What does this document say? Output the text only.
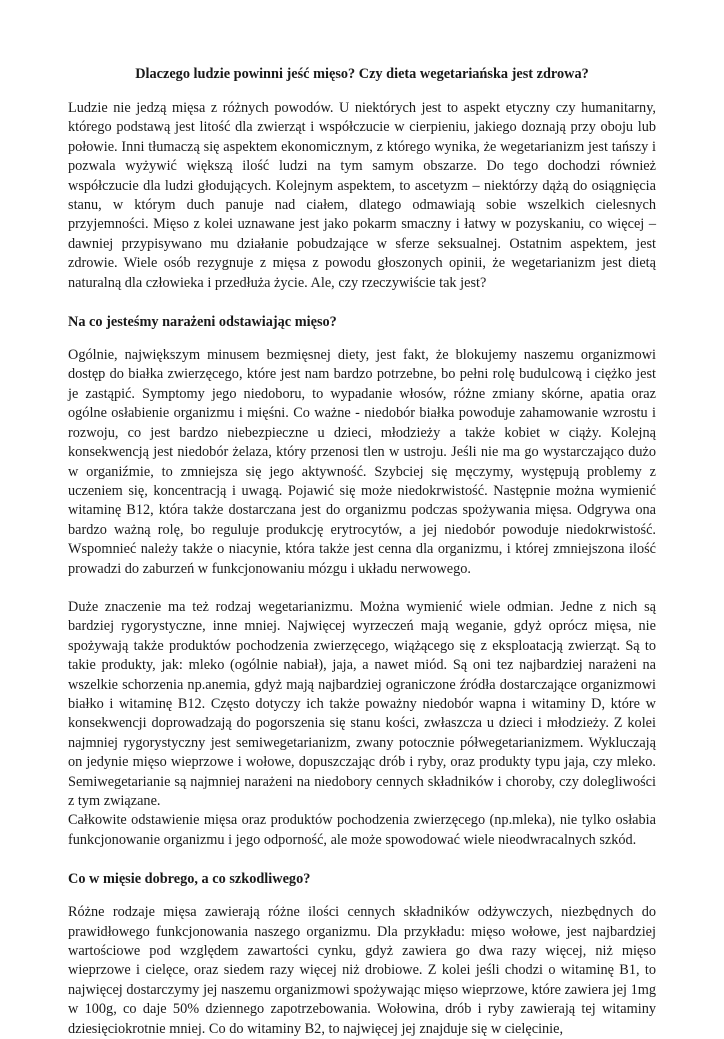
Dlaczego ludzie powinni jeść mięso? Czy dieta wegetariańska jest zdrowa?

Ludzie nie jedzą mięsa z różnych powodów. U niektórych jest to aspekt etyczny czy humanitarny, którego podstawą jest litość dla zwierząt i współczucie w cierpieniu, jakiego doznają przy oboju lub połowie. Inni tłumaczą się aspektem ekonomicznym, z którego wynika, że wegetarianizm jest tańszy i pozwala wyżywić większą ilość ludzi na tym samym obszarze. Do tego dochodzi również współczucie dla ludzi głodujących. Kolejnym aspektem, to ascetyzm – niektórzy dążą do osiągnięcia stanu, w którym duch panuje nad ciałem, dlatego odmawiają sobie wszelkich cielesnych przyjemności. Mięso z kolei uznawane jest jako pokarm smaczny i łatwy w pozyskaniu, co więcej – dawniej przypisywano mu działanie pobudzające w sferze seksualnej. Ostatnim aspektem, jest zdrowie. Wiele osób rezygnuje z mięsa z powodu głoszonych opinii, że wegetarianizm jest dietą naturalną dla człowieka i przedłuża życie. Ale, czy rzeczywiście tak jest?

Na co jesteśmy narażeni odstawiając mięso?

Ogólnie, największym minusem bezmięsnej diety, jest fakt, że blokujemy naszemu organizmowi dostęp do białka zwierzęcego, które jest nam bardzo potrzebne, bo pełni rolę budulcową i ciężko jest je zastąpić. Symptomy jego niedoboru, to wypadanie włosów, różne zmiany skórne, apatia oraz ogólne osłabienie organizmu i mięśni. Co ważne - niedobór białka powoduje zahamowanie wzrostu i rozwoju, co jest bardzo niebezpieczne u dzieci, młodzieży a także kobiet w ciąży. Kolejną konsekwencją jest niedobór żelaza, który przenosi tlen w ustroju. Jeśli nie ma go wystarczająco dużo w organiźmie, to zmniejsza się jego aktywność. Szybciej się męczymy, występują problemy z uczeniem się, koncentracją i uwagą. Pojawić się może niedokrwistość. Następnie można wymienić witaminę B12, która także dostarczana jest do organizmu podczas spożywania mięsa. Odgrywa ona bardzo ważną rolę, bo reguluje produkcję erytrocytów, a jej niedobór powoduje niedokrwistość. Wspomnieć należy także o niacynie, która także jest cenna dla organizmu, i której zmniejszona ilość prowadzi do zaburzeń w funkcjonowaniu mózgu i układu nerwowego.

Duże znaczenie ma też rodzaj wegetarianizmu. Można wymienić wiele odmian. Jedne z nich są bardziej rygorystyczne, inne mniej. Najwięcej wyrzeczeń mają weganie, gdyż oprócz mięsa, nie spożywają także produktów pochodzenia zwierzęcego, wiążącego się z eksploatacją zwierząt. Są to takie produkty, jak: mleko (ogólnie nabiał), jaja, a nawet miód. Są oni tez najbardziej narażeni na wszelkie schorzenia np.anemia, gdyż mają najbardziej ograniczone źródła dostarczające organizmowi białko i witaminę B12. Często dotyczy ich także poważny niedobór wapna i witaminy D, które w konsekwencji doprowadzają do pogorszenia się stanu kości, zwłaszcza u dzieci i młodzieży. Z kolei najmniej rygorystyczny jest semiwegetarianizm, zwany potocznie półwegetarianizmem. Wykluczają on jedynie mięso wieprzowe i wołowe, dopuszczając drób i ryby, oraz produkty typu jaja, czy mleko. Semiwegetarianie są najmniej narażeni na niedobory cennych składników i choroby, czy dolegliwości z tym związane.

Całkowite odstawienie mięsa oraz produktów pochodzenia zwierzęcego (np.mleka), nie tylko osłabia funkcjonowanie organizmu i jego odporność, ale może spowodować wiele nieodwracalnych szkód.

Co w mięsie dobrego, a co szkodliwego?

Różne rodzaje mięsa zawierają różne ilości cennych składników odżywczych, niezbędnych do prawidłowego funkcjonowania naszego organizmu. Dla przykładu: mięso wołowe, jest najbardziej wartościowe pod względem zawartości cynku, gdyż zawiera go dwa razy więcej, niż mięso wieprzowe i cielęce, oraz siedem razy więcej niż drobiowe. Z kolei jeśli chodzi o witaminę B1, to najwięcej dostarczymy jej naszemu organizmowi spożywając mięso wieprzowe, które zawiera jej 1mg w 100g, co daje 50% dziennego zapotrzebowania. Wołowina, drób i ryby zawierają tej witaminy dziesięciokrotnie mniej. Co do witaminy B2, to najwięcej jej znajduje się w cielęcinie,
